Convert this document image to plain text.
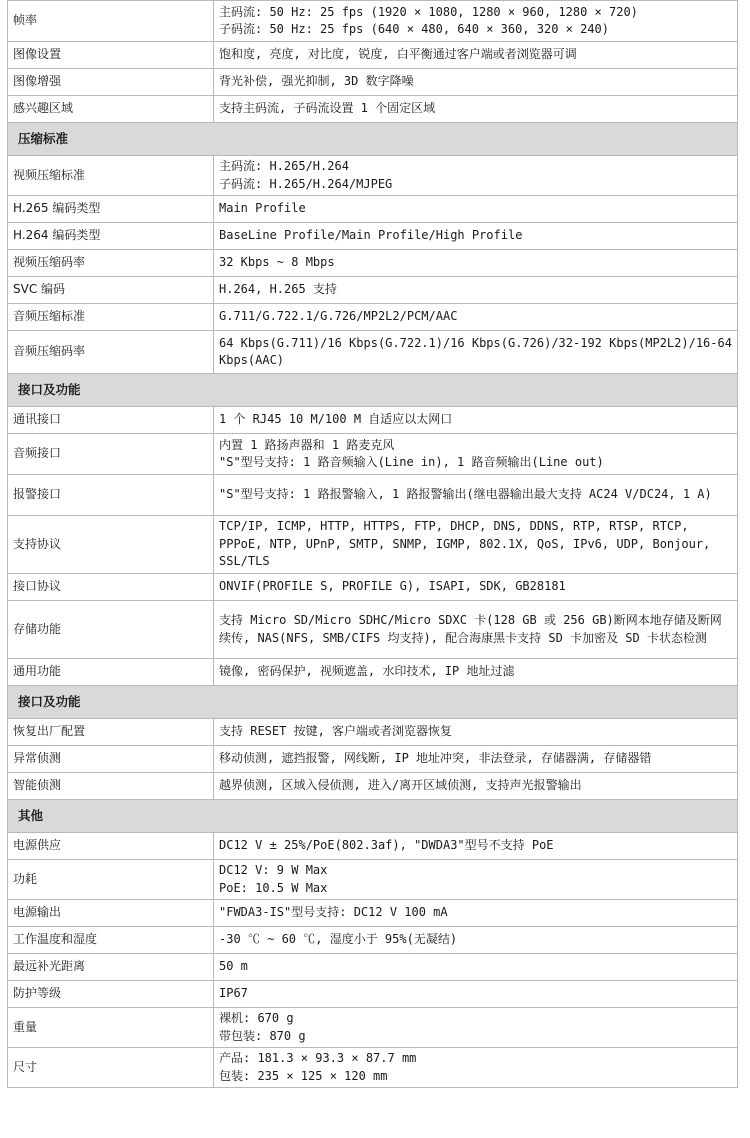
帧率	主码流: 50 Hz: 25 fps (1920 × 1080, 1280 × 960, 1280 × 720)
子码流: 50 Hz: 25 fps (640 × 480, 640 × 360, 320 × 240)

图像设置	饱和度, 亮度, 对比度, 锐度, 白平衡通过客户端或者浏览器可调

图像增强	背光补偿, 强光抑制, 3D 数字降噪

感兴趣区域	支持主码流, 子码流设置 1 个固定区域

压缩标准	
视频压缩标准	主码流: H.265/H.264
子码流: H.265/H.264/MJPEG

H.265 编码类型	Main Profile

H.264 编码类型	BaseLine Profile/Main Profile/High Profile

视频压缩码率	32 Kbps ~ 8 Mbps

SVC 编码	H.264, H.265 支持

音频压缩标准	G.711/G.722.1/G.726/MP2L2/PCM/AAC

音频压缩码率	64 Kbps(G.711)/16 Kbps(G.722.1)/16 Kbps(G.726)/32-192 Kbps(MP2L2)/16-64 Kbps(AAC)

接口及功能	
通讯接口	1 个 RJ45 10 M/100 M 自适应以太网口

音频接口	内置 1 路扬声器和 1 路麦克风
"S"型号支持: 1 路音频输入(Line in), 1 路音频输出(Line out)

报警接口	"S"型号支持: 1 路报警输入, 1 路报警输出(继电器输出最大支持 AC24 V/DC24, 1 A)

支持协议	TCP/IP, ICMP, HTTP, HTTPS, FTP, DHCP, DNS, DDNS, RTP, RTSP, RTCP, PPPoE, NTP, UPnP, SMTP, SNMP, IGMP, 802.1X, QoS, IPv6, UDP, Bonjour, SSL/TLS

接口协议	ONVIF(PROFILE S, PROFILE G), ISAPI, SDK, GB28181

存储功能	支持 Micro SD/Micro SDHC/Micro SDXC 卡(128 GB 或 256 GB)断网本地存储及断网续传, NAS(NFS, SMB/CIFS 均支持), 配合海康黑卡支持 SD 卡加密及 SD 卡状态检测

通用功能	镜像, 密码保护, 视频遮盖, 水印技术, IP 地址过滤

接口及功能	
恢复出厂配置	支持 RESET 按键, 客户端或者浏览器恢复

异常侦测	移动侦测, 遮挡报警, 网线断, IP 地址冲突, 非法登录, 存储器满, 存储器错

智能侦测	越界侦测, 区域入侵侦测, 进入/离开区域侦测, 支持声光报警输出

其他	
电源供应	DC12 V ± 25%/PoE(802.3af), "DWDA3"型号不支持 PoE

功耗	DC12 V: 9 W Max
PoE: 10.5 W Max

电源输出	"FWDA3-IS"型号支持: DC12 V 100 mA

工作温度和湿度	-30 ℃ ~ 60 ℃, 湿度小于 95%(无凝结)

最远补光距离	50 m

防护等级	IP67

重量	裸机: 670 g
带包装: 870 g

尺寸	产品: 181.3 × 93.3 × 87.7 mm
包装: 235 × 125 × 120 mm
